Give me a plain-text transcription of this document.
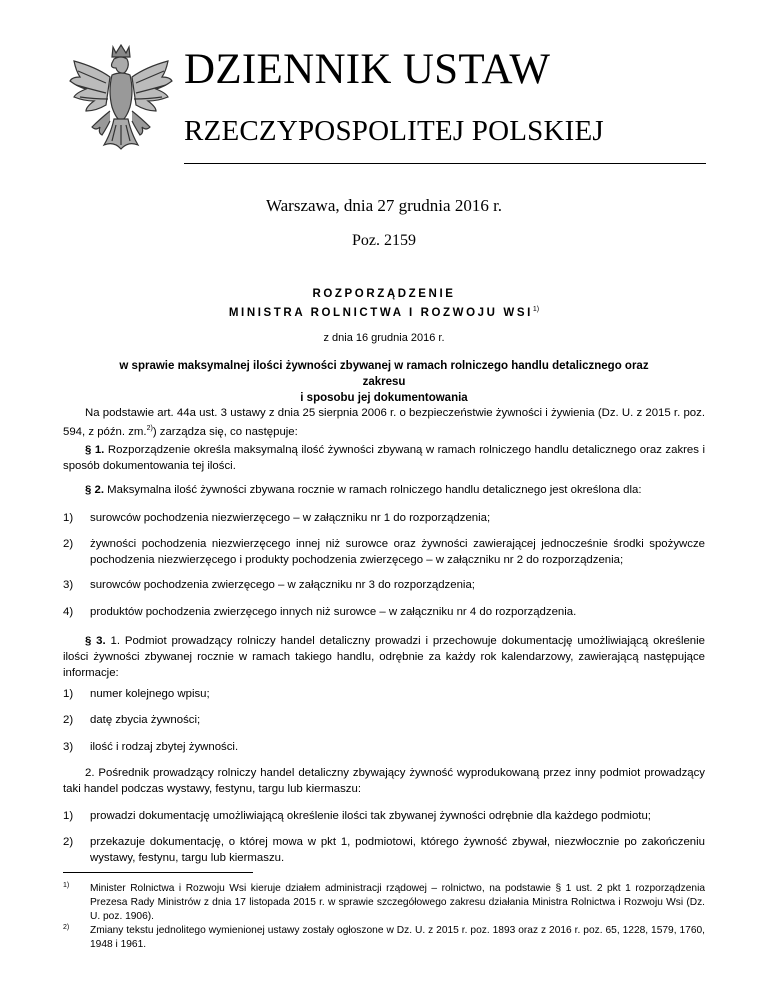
DZIENNIK USTAW
RZECZYPOSPOLITEJ POLSKIEJ
Warszawa, dnia 27 grudnia 2016 r.
Poz. 2159
ROZPORZĄDZENIE
MINISTRA ROLNICTWA I ROZWOJU WSI$^{1)}$
z dnia 16 grudnia 2016 r.
w sprawie maksymalnej ilości żywności zbywanej w ramach rolniczego handlu detalicznego oraz zakresu
i sposobu jej dokumentowania
Na podstawie art. 44a ust. 3 ustawy z dnia 25 sierpnia 2006 r. o bezpieczeństwie żywności i żywienia (Dz. U. z 2015 r. poz. 594, z późn. zm.$^{2)}$) zarządza się, co następuje:
§ 1. Rozporządzenie określa maksymalną ilość żywności zbywaną w ramach rolniczego handlu detalicznego oraz zakres i sposób dokumentowania tej ilości.
§ 2. Maksymalna ilość żywności zbywana rocznie w ramach rolniczego handlu detalicznego jest określona dla:
1) surowców pochodzenia niezwierzęcego – w załączniku nr 1 do rozporządzenia;
2) żywności pochodzenia niezwierzęcego innej niż surowce oraz żywności zawierającej jednocześnie środki spożywcze pochodzenia niezwierzęcego i produkty pochodzenia zwierzęcego – w załączniku nr 2 do rozporządzenia;
3) surowców pochodzenia zwierzęcego – w załączniku nr 3 do rozporządzenia;
4) produktów pochodzenia zwierzęcego innych niż surowce – w załączniku nr 4 do rozporządzenia.
§ 3. 1. Podmiot prowadzący rolniczy handel detaliczny prowadzi i przechowuje dokumentację umożliwiającą określenie ilości żywności zbywanej rocznie w ramach takiego handlu, odrębnie za każdy rok kalendarzowy, zawierającą następujące informacje:
1) numer kolejnego wpisu;
2) datę zbycia żywności;
3) ilość i rodzaj zbytej żywności.
2. Pośrednik prowadzący rolniczy handel detaliczny zbywający żywność wyprodukowaną przez inny podmiot prowadzący taki handel podczas wystawy, festynu, targu lub kiermaszu:
1) prowadzi dokumentację umożliwiającą określenie ilości tak zbywanej żywności odrębnie dla każdego podmiotu;
2) przekazuje dokumentację, o której mowa w pkt 1, podmiotowi, którego żywność zbywał, niezwłocznie po zakończeniu wystawy, festynu, targu lub kiermaszu.
1) Minister Rolnictwa i Rozwoju Wsi kieruje działem administracji rządowej – rolnictwo, na podstawie § 1 ust. 2 pkt 1 rozporządzenia Prezesa Rady Ministrów z dnia 17 listopada 2015 r. w sprawie szczegółowego zakresu działania Ministra Rolnictwa i Rozwoju Wsi (Dz. U. poz. 1906).
2) Zmiany tekstu jednolitego wymienionej ustawy zostały ogłoszone w Dz. U. z 2015 r. poz. 1893 oraz z 2016 r. poz. 65, 1228, 1579, 1760, 1948 i 1961.
